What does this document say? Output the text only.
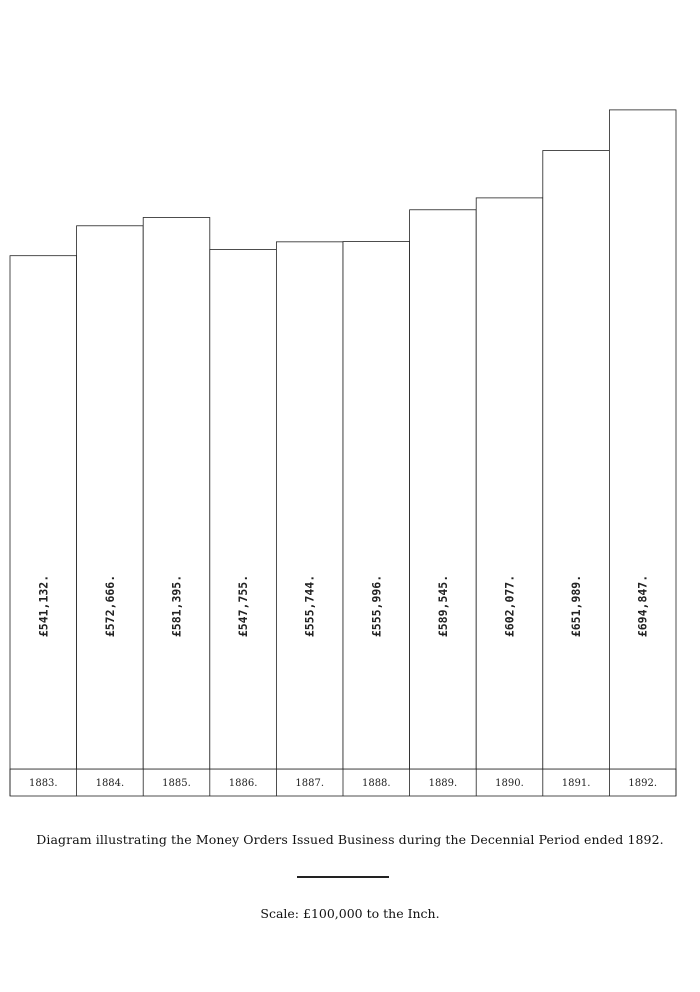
1883.
£541,132.
1884.
£572,666.
1885.
£581,395.
1886.
£547,755.
1887.
£555,744.
1888.
£555,996.
1889.
£589,545.
1890.
£602,077.
1891.
£651,989.
1892.
£694,847.
Diagram illustrating the Money Orders Issued Business during the Decennial Period ended 1892.
Scale: £100,000 to the Inch.
